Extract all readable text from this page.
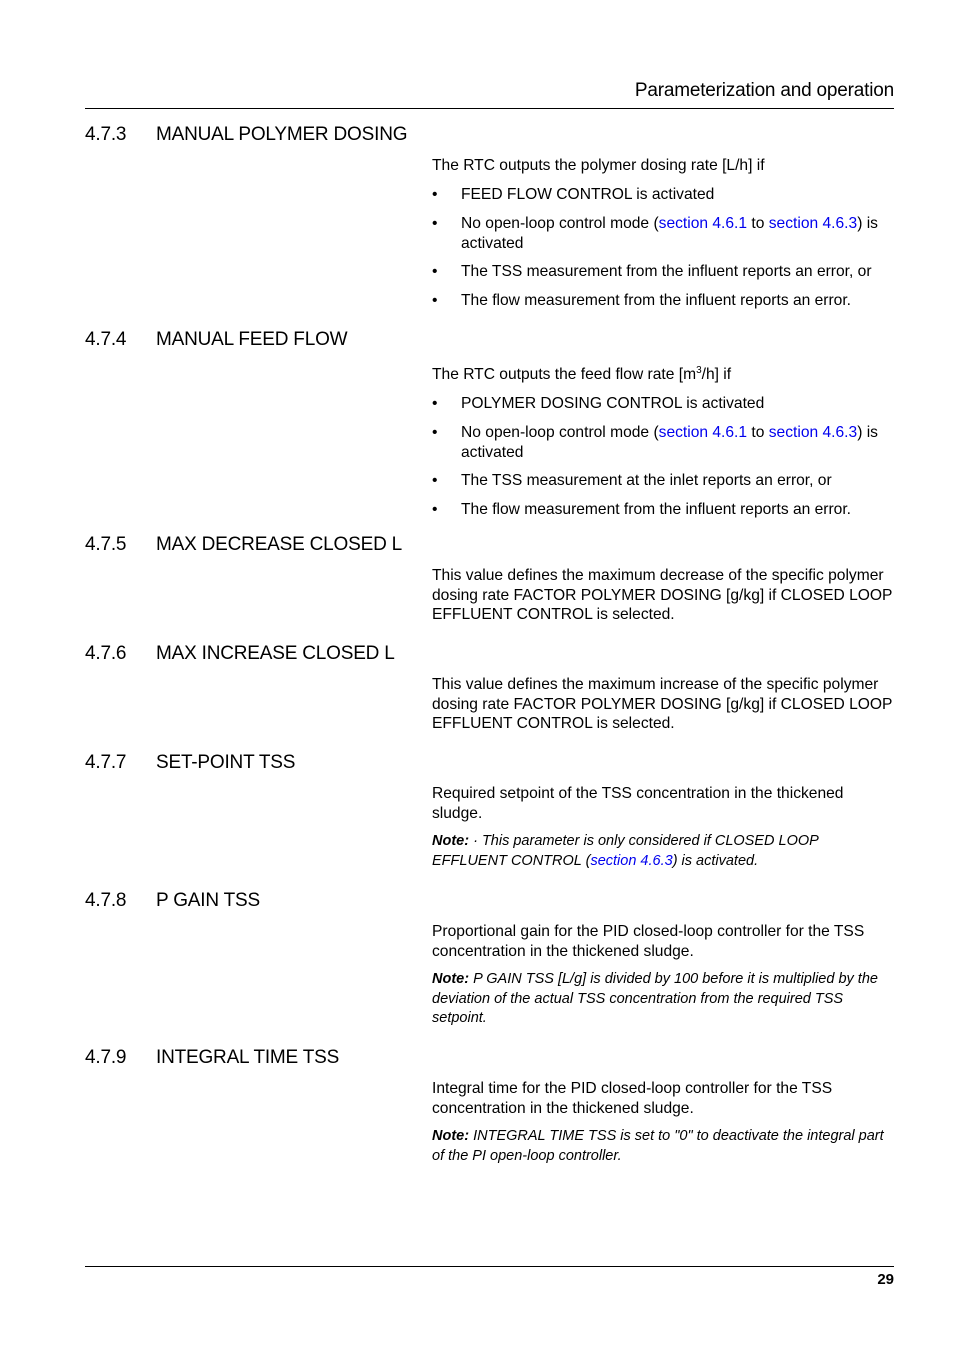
Parameterization and operation
4.7.3 MANUAL POLYMER DOSING

The RTC outputs the polymer dosing rate [L/h] if

• FEED FLOW CONTROL is activated
• No open-loop control mode (section 4.6.1 to section 4.6.3) is activated
• The TSS measurement from the influent reports an error, or
• The flow measurement from the influent reports an error.
4.7.4 MANUAL FEED FLOW

The RTC outputs the feed flow rate $[m^3/h]$ if

• POLYMER DOSING CONTROL is activated
• No open-loop control mode (section 4.6.1 to section 4.6.3) is activated
• The TSS measurement at the inlet reports an error, or
• The flow measurement from the influent reports an error.
4.7.5 MAX DECREASE CLOSED L

This value defines the maximum decrease of the specific polymer dosing rate FACTOR POLYMER DOSING [g/kg] if CLOSED LOOP EFFLUENT CONTROL is selected.

4.7.6 MAX INCREASE CLOSED L

This value defines the maximum increase of the specific polymer dosing rate FACTOR POLYMER DOSING [g/kg] if CLOSED LOOP EFFLUENT CONTROL is selected.

4.7.7 SET-POINT TSS

Required setpoint of the TSS concentration in the thickened sludge.

Note: · This parameter is only considered if CLOSED LOOP EFFLUENT CONTROL (section 4.6.3) is activated.

4.7.8 P GAIN TSS

Proportional gain for the PID closed-loop controller for the TSS concentration in the thickened sludge.

Note: P GAIN TSS [L/g] is divided by 100 before it is multiplied by the deviation of the actual TSS concentration from the required TSS setpoint.

4.7.9 INTEGRAL TIME TSS

Integral time for the PID closed-loop controller for the TSS concentration in the thickened sludge.

Note: INTEGRAL TIME TSS is set to "0" to deactivate the integral part of the PI open-loop controller.

29
